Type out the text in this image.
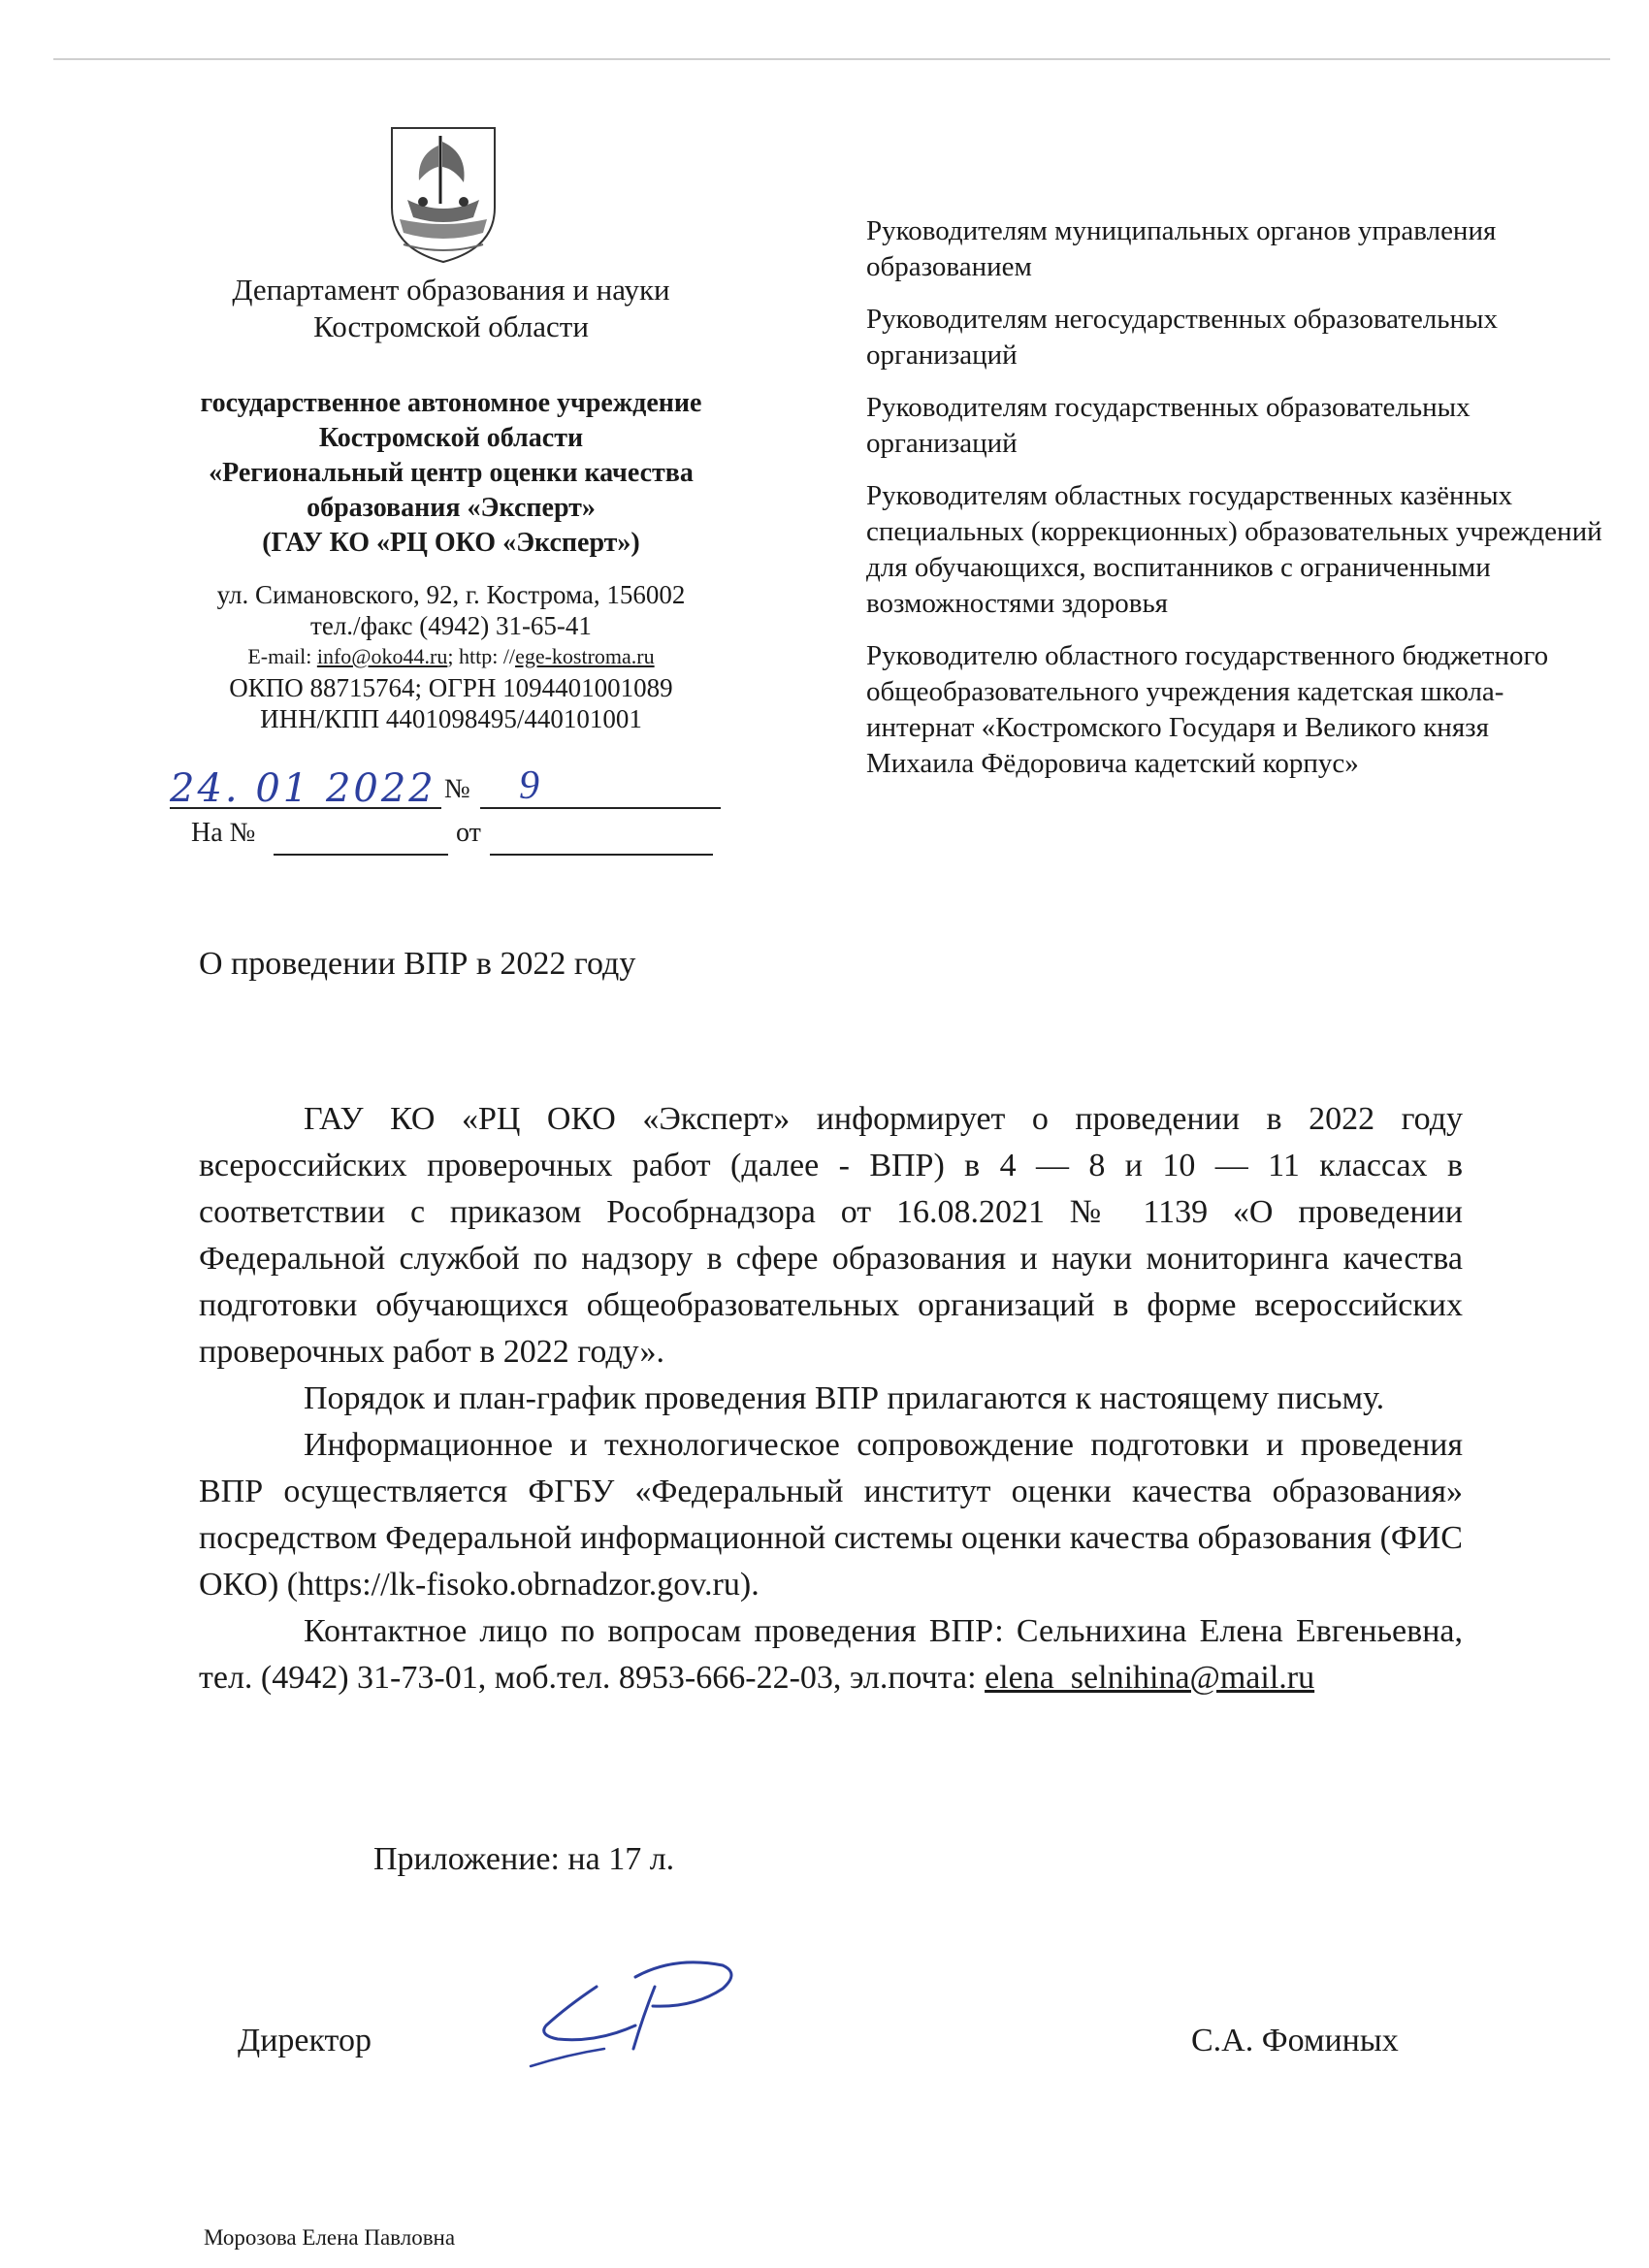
Департамент образования и науки
Костромской области
государственное автономное учреждение
Костромской области
«Региональный центр оценки качества
образования «Эксперт»
(ГАУ КО «РЦ ОКО «Эксперт»)
ул. Симановского, 92, г. Кострома, 156002
тел./факс (4942) 31-65-41
E-mail: info@oko44.ru; http: //ege-kostroma.ru
ОКПО 88715764; ОГРН 1094401001089
ИНН/КПП 4401098495/440101001
24. 01 2022 № 9
На №	от

Руководителям муниципальных органов управления образованием

Руководителям негосударственных образовательных организаций

Руководителям государственных образовательных организаций

Руководителям областных государственных казённых специальных (коррекционных) образовательных учреждений для обучающихся, воспитанников с ограниченными возможностями здоровья

Руководителю областного государственного бюджетного общеобразовательного учреждения кадетская школа-интернат «Костромского Государя и Великого князя Михаила Фёдоровича кадетский корпус»

О проведении ВПР в 2022 году

ГАУ КО «РЦ ОКО «Эксперт» информирует о проведении в 2022 году всероссийских проверочных работ (далее - ВПР) в 4 — 8 и 10 — 11 классах в соответствии с приказом Рособрнадзора от 16.08.2021 № 1139 «О проведении Федеральной службой по надзору в сфере образования и науки мониторинга качества подготовки обучающихся общеобразовательных организаций в форме всероссийских проверочных работ в 2022 году».

Порядок и план-график проведения ВПР прилагаются к настоящему письму.

Информационное и технологическое сопровождение подготовки и проведения ВПР осуществляется ФГБУ «Федеральный институт оценки качества образования» посредством Федеральной информационной системы оценки качества образования (ФИС ОКО) (https://lk-fisoko.obrnadzor.gov.ru).

Контактное лицо по вопросам проведения ВПР: Сельнихина Елена Евгеньевна, тел. (4942) 31-73-01, моб.тел. 8953-666-22-03, эл.почта: elena_selnihina@mail.ru

Приложение: на 17 л.
Директор	С.А. Фоминых
Морозова Елена Павловна
